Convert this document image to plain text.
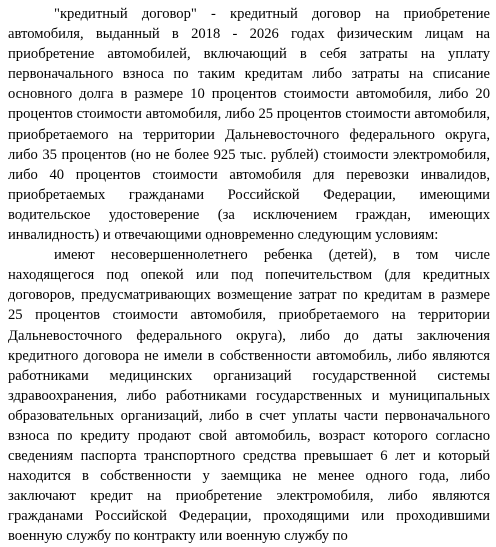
"кредитный договор" - кредитный договор на приобретение автомобиля, выданный в 2018 - 2026 годах физическим лицам на приобретение автомобилей, включающий в себя затраты на уплату первоначального взноса по таким кредитам либо затраты на списание основного долга в размере 10 процентов стоимости автомобиля, либо 20 процентов стоимости автомобиля, либо 25 процентов стоимости автомобиля, приобретаемого на территории Дальневосточного федерального округа, либо 35 процентов (но не более 925 тыс. рублей) стоимости электромобиля, либо 40 процентов стоимости автомобиля для перевозки инвалидов, приобретаемых гражданами Российской Федерации, имеющими водительское удостоверение (за исключением граждан, имеющих инвалидность) и отвечающими одновременно следующим условиям:

имеют несовершеннолетнего ребенка (детей), в том числе находящегося под опекой или под попечительством (для кредитных договоров, предусматривающих возмещение затрат по кредитам в размере 25 процентов стоимости автомобиля, приобретаемого на территории Дальневосточного федерального округа), либо до даты заключения кредитного договора не имели в собственности автомобиль, либо являются работниками медицинских организаций государственной системы здравоохранения, либо работниками государственных и муниципальных образовательных организаций, либо в счет уплаты части первоначального взноса по кредиту продают свой автомобиль, возраст которого согласно сведениям паспорта транспортного средства превышает 6 лет и который находится в собственности у заемщика не менее одного года, либо заключают кредит на приобретение электромобиля, либо являются гражданами Российской Федерации, проходящими или проходившими военную службу по контракту или военную службу по
